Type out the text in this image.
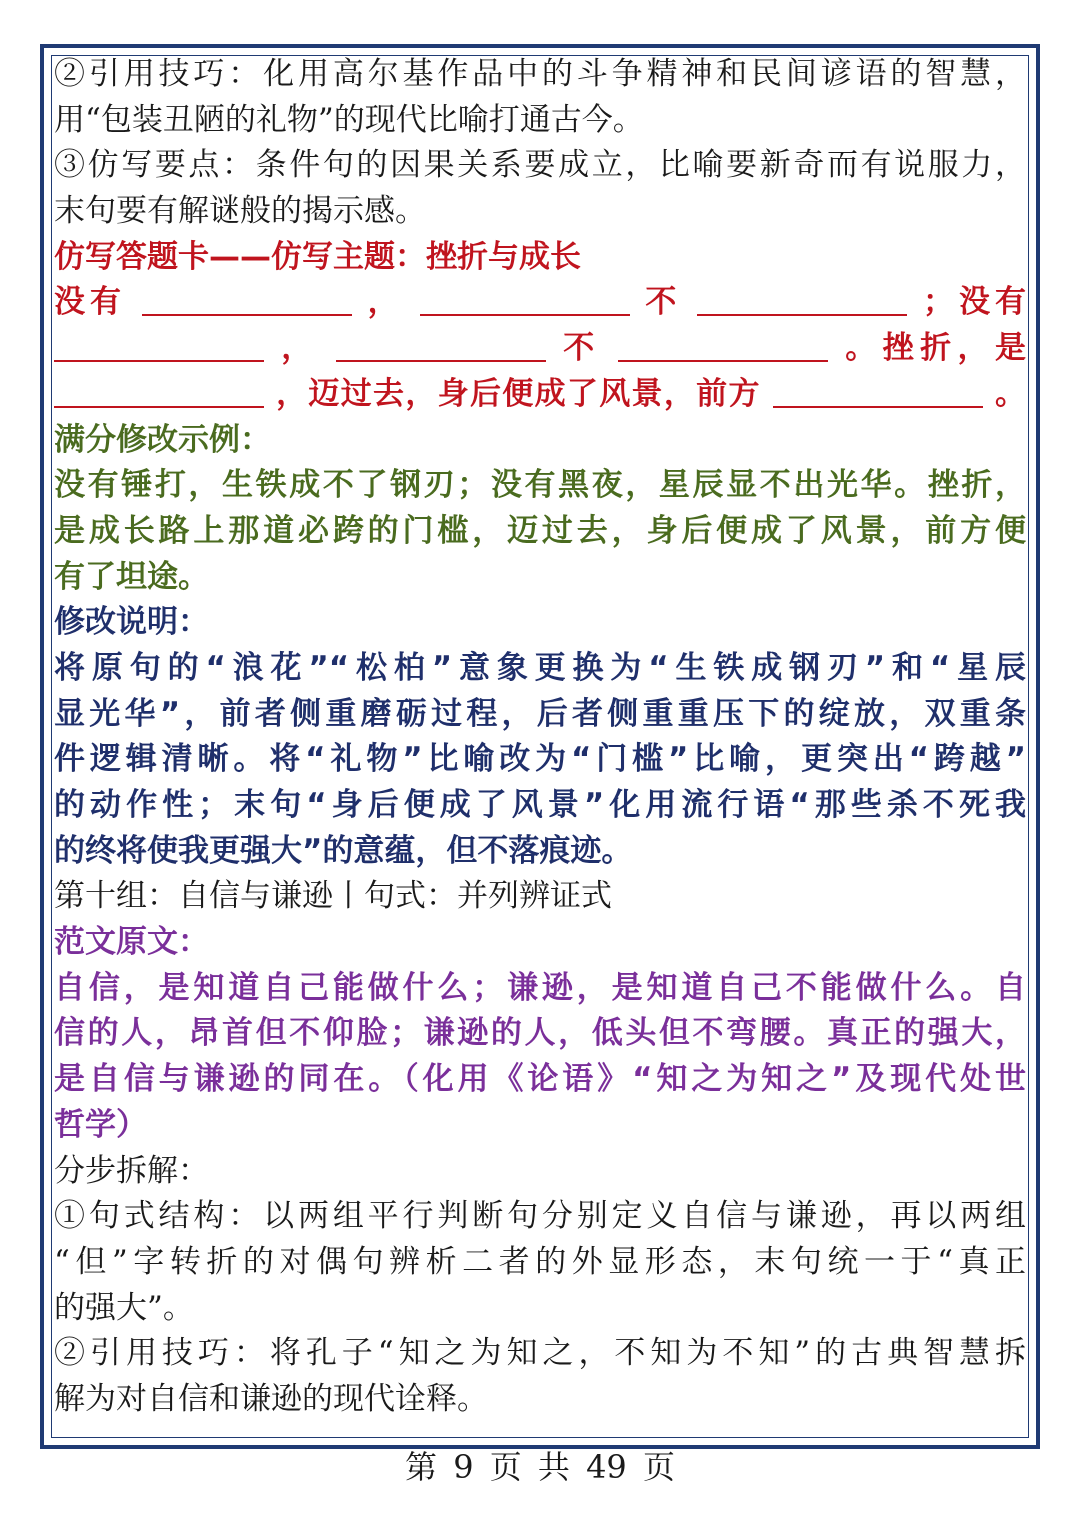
②引用技巧：化用高尔基作品中的斗争精神和民间谚语的智慧，
用“包装丑陋的礼物”的现代比喻打通古今。
③仿写要点：条件句的因果关系要成立，比喻要新奇而有说服力，
末句要有解谜般的揭示感。
仿写答题卡——仿写主题：挫折与成长
没有	，	不	；没有
，	不	。挫折，是
，迈过去，身后便成了风景，前方	。
满分修改示例：
没有锤打，生铁成不了钢刃；没有黑夜，星辰显不出光华。挫折，
是成长路上那道必跨的门槛，迈过去，身后便成了风景，前方便
有了坦途。
修改说明：
将原句的“浪花”“松柏”意象更换为“生铁成钢刃”和“星辰
显光华”，前者侧重磨砺过程，后者侧重重压下的绽放，双重条
件逻辑清晰。将“礼物”比喻改为“门槛”比喻，更突出“跨越”
的动作性；末句“身后便成了风景”化用流行语“那些杀不死我
的终将使我更强大”的意蕴，但不落痕迹。
第十组：自信与谦逊丨句式：并列辨证式
范文原文：
自信，是知道自己能做什么；谦逊，是知道自己不能做什么。自
信的人，昂首但不仰脸；谦逊的人，低头但不弯腰。真正的强大，
是自信与谦逊的同在。（化用《论语》“知之为知之”及现代处世
哲学）
分步拆解：
①句式结构：以两组平行判断句分别定义自信与谦逊，再以两组
“但”字转折的对偶句辨析二者的外显形态，末句统一于“真正
的强大”。
②引用技巧：将孔子“知之为知之，不知为不知”的古典智慧拆
解为对自信和谦逊的现代诠释。
第 9 页 共 49 页
